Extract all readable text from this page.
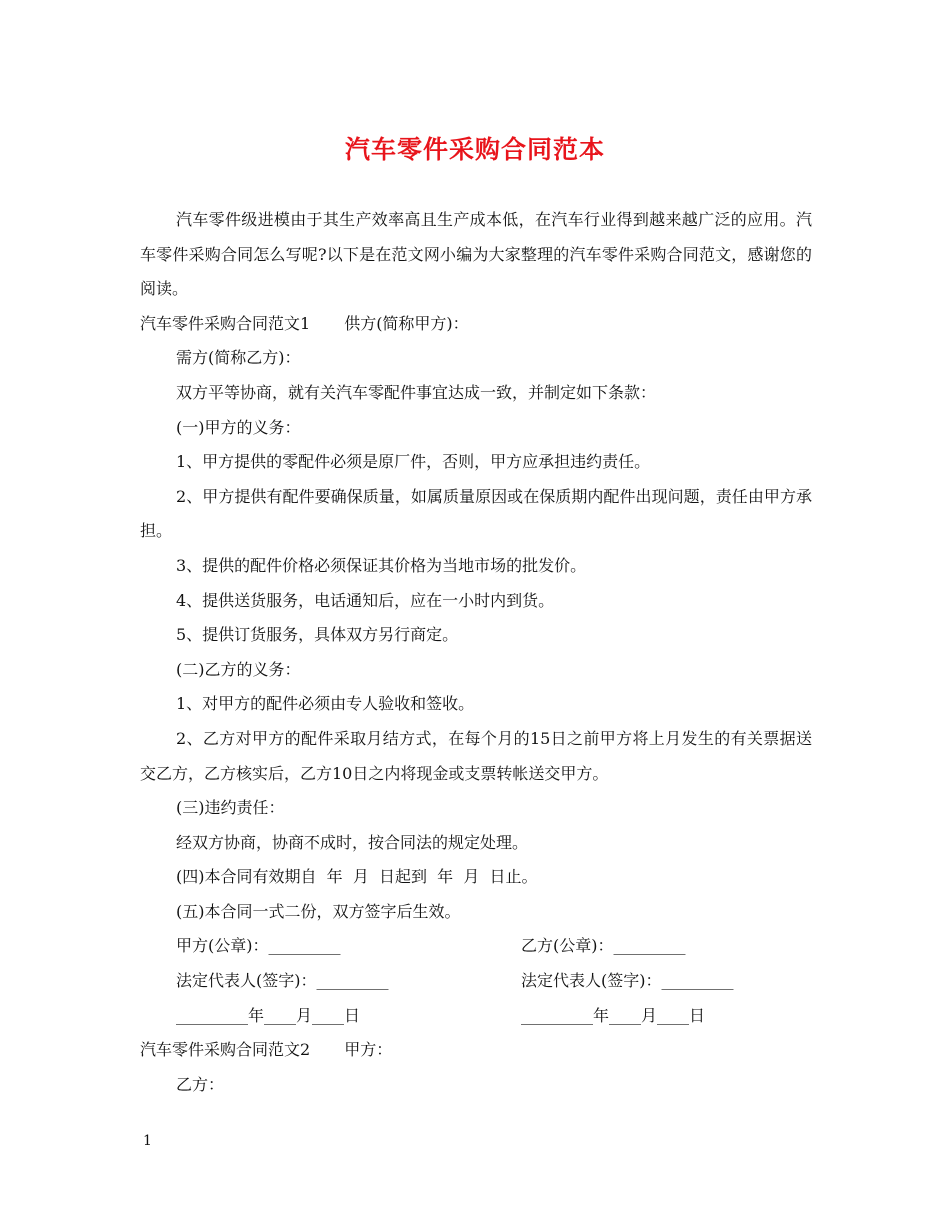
汽车零件采购合同范本

汽车零件级进模由于其生产效率高且生产成本低，在汽车行业得到越来越广泛的应用。汽车零件采购合同怎么写呢?以下是在范文网小编为大家整理的汽车零件采购合同范文，感谢您的阅读。

汽车零件采购合同范文1 供方(简称甲方)：

需方(简称乙方)：

双方平等协商，就有关汽车零配件事宜达成一致，并制定如下条款：

(一)甲方的义务：

1、甲方提供的零配件必须是原厂件，否则，甲方应承担违约责任。

2、甲方提供有配件要确保质量，如属质量原因或在保质期内配件出现问题，责任由甲方承担。

3、提供的配件价格必须保证其价格为当地市场的批发价。

4、提供送货服务，电话通知后，应在一小时内到货。

5、提供订货服务，具体双方另行商定。

(二)乙方的义务：

1、对甲方的配件必须由专人验收和签收。

2、乙方对甲方的配件采取月结方式，在每个月的15日之前甲方将上月发生的有关票据送交乙方，乙方核实后，乙方10日之内将现金或支票转帐送交甲方。

(三)违约责任：

经双方协商，协商不成时，按合同法的规定处理。

(四)本合同有效期自  年  月  日起到  年  月  日止。

(五)本合同一式二份，双方签字后生效。

甲方(公章)：_________	乙方(公章)：_________
法定代表人(签字)：_________	法定代表人(签字)：_________
_________年____月____日	_________年____月____日

汽车零件采购合同范文2 甲方：

乙方：

1
